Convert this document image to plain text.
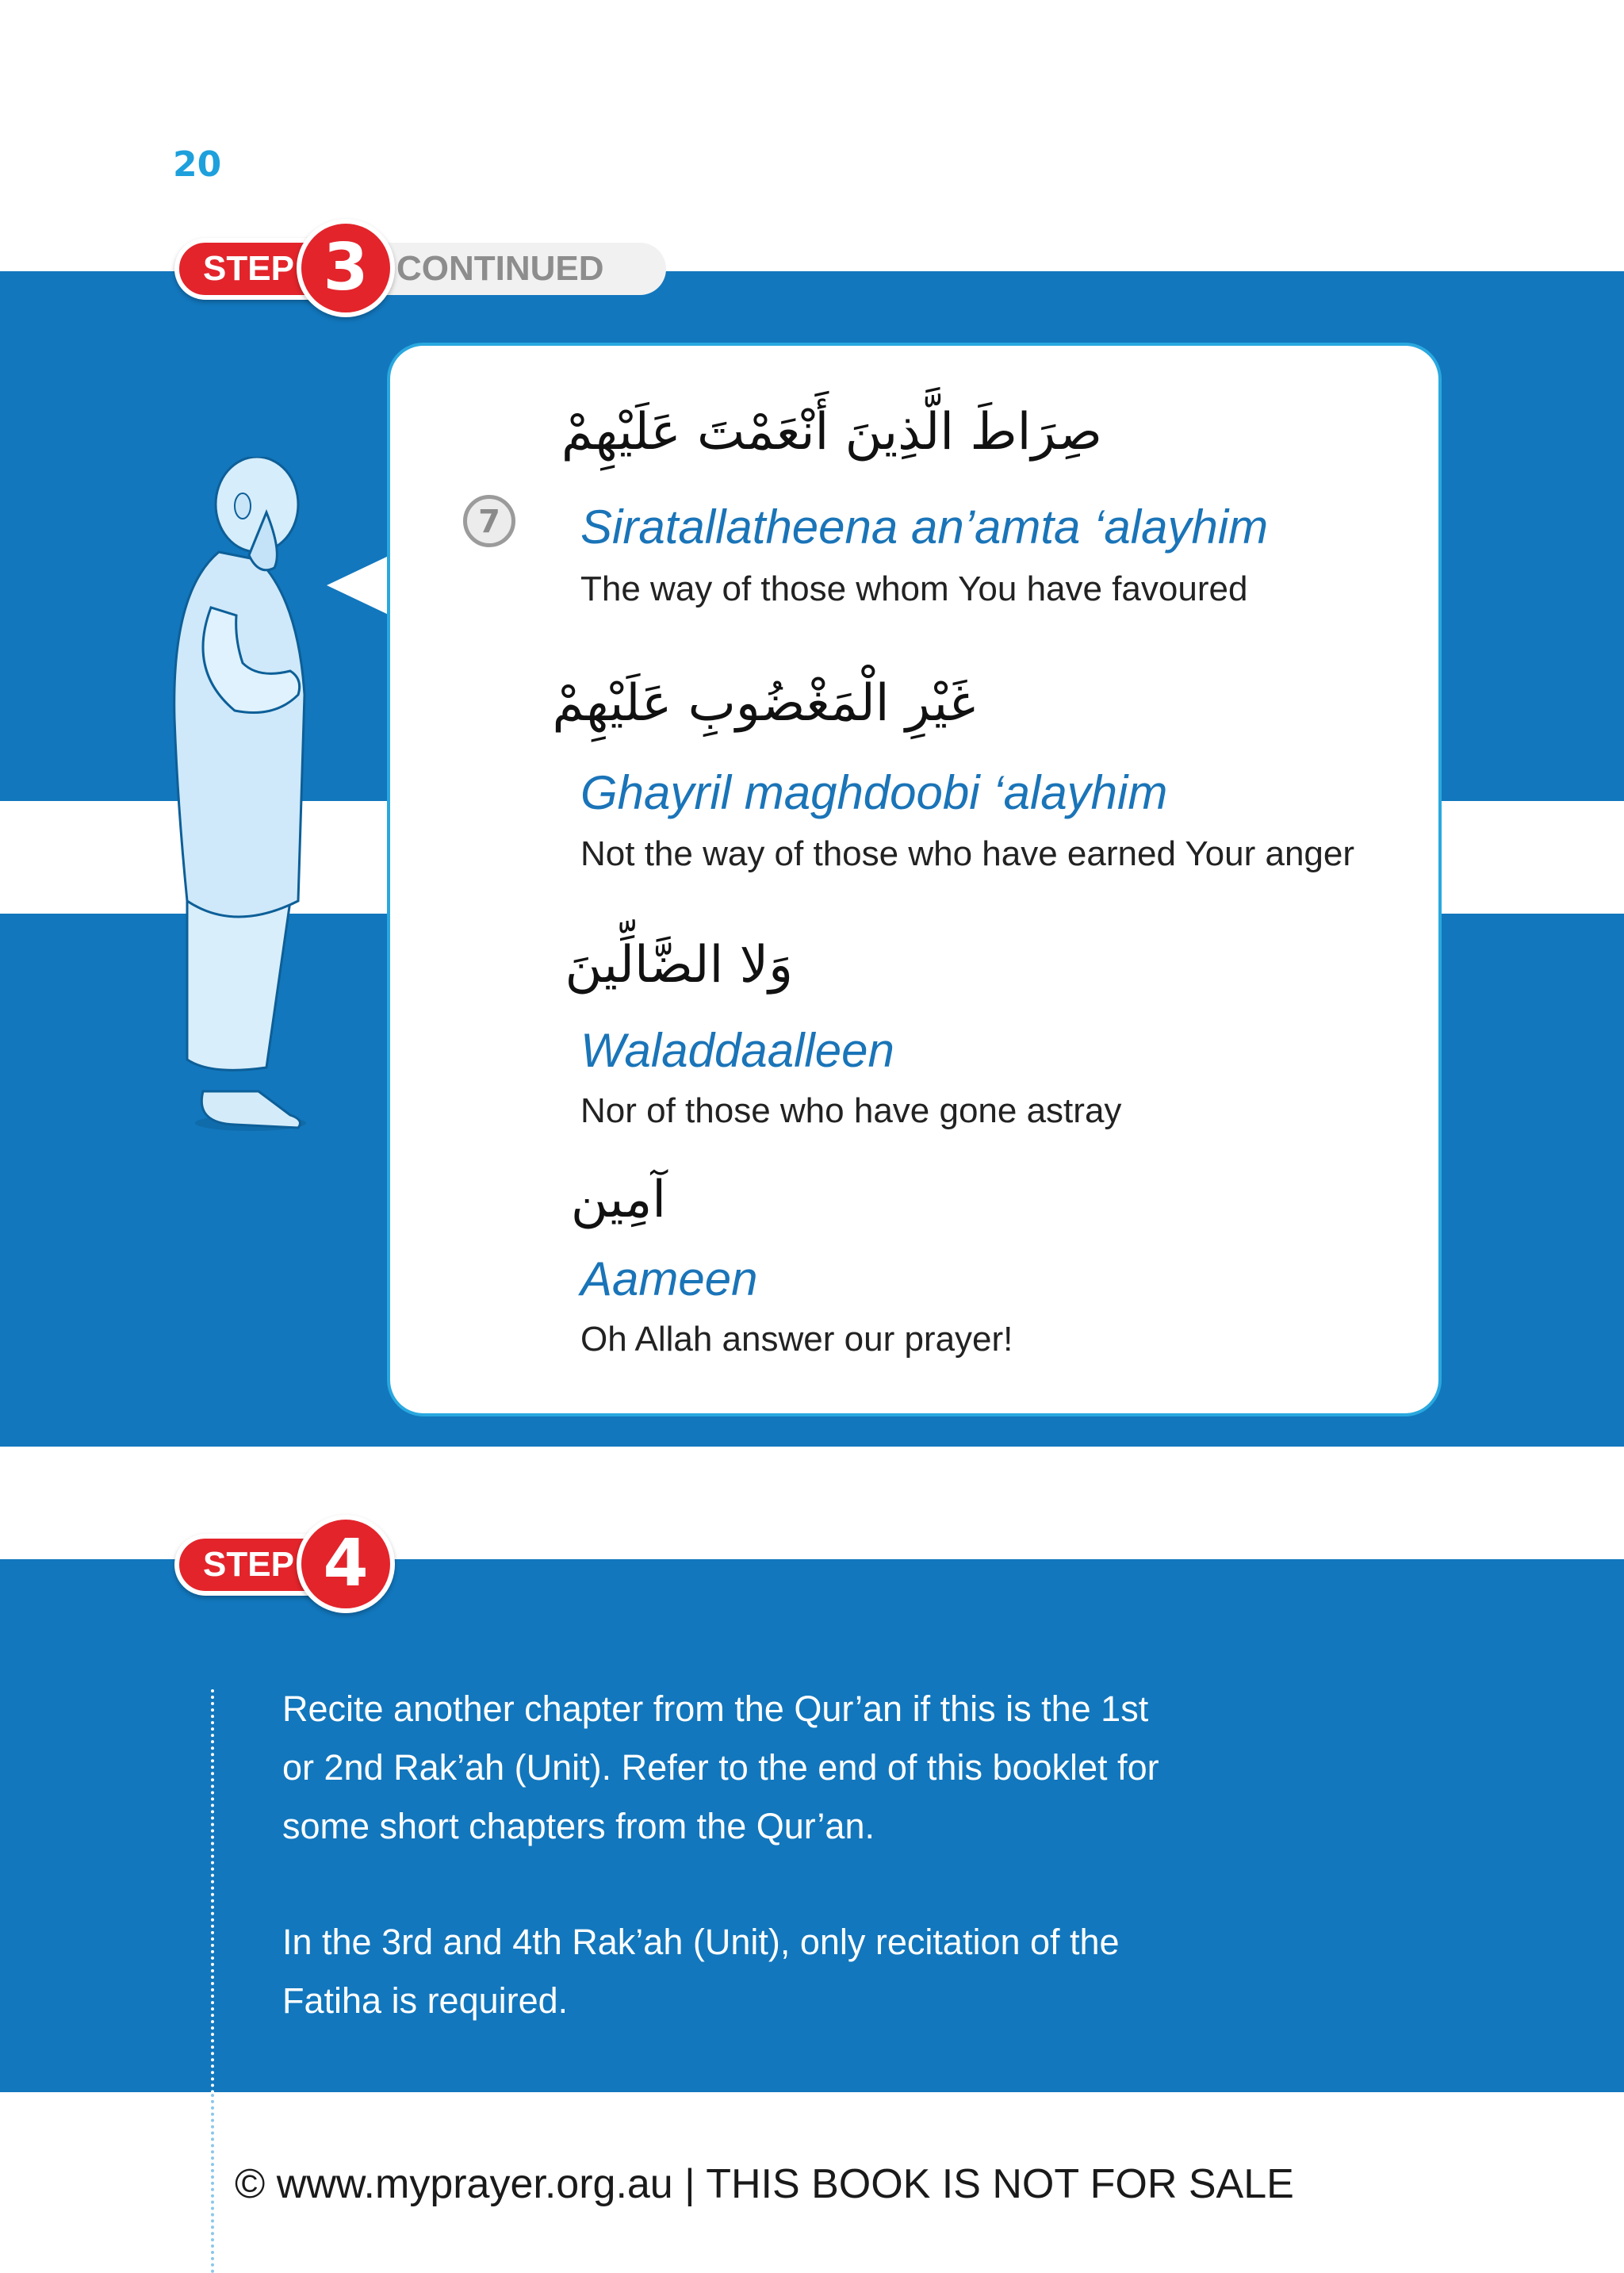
20
CONTINUED
STEP 3
7
صِرَاطَ الَّذِينَ أَنْعَمْتَ عَلَيْهِمْ
Siratallatheena an’amta ‘alayhim
The way of those whom You have favoured
غَيْرِ الْمَغْضُوبِ عَلَيْهِمْ
Ghayril maghdoobi ‘alayhim
Not the way of those who have earned Your anger
وَلا الضَّالِّينَ
Waladdaalleen
Nor of those who have gone astray
آمِين
Aameen
Oh Allah answer our prayer!
STEP 4
Recite another chapter from the Qur’an if this is the 1st or 2nd Rak’ah (Unit). Refer to the end of this booklet for some short chapters from the Qur’an.
In the 3rd and 4th Rak’ah (Unit), only recitation of the Fatiha is required.
© www.myprayer.org.au | THIS BOOK IS NOT FOR SALE
